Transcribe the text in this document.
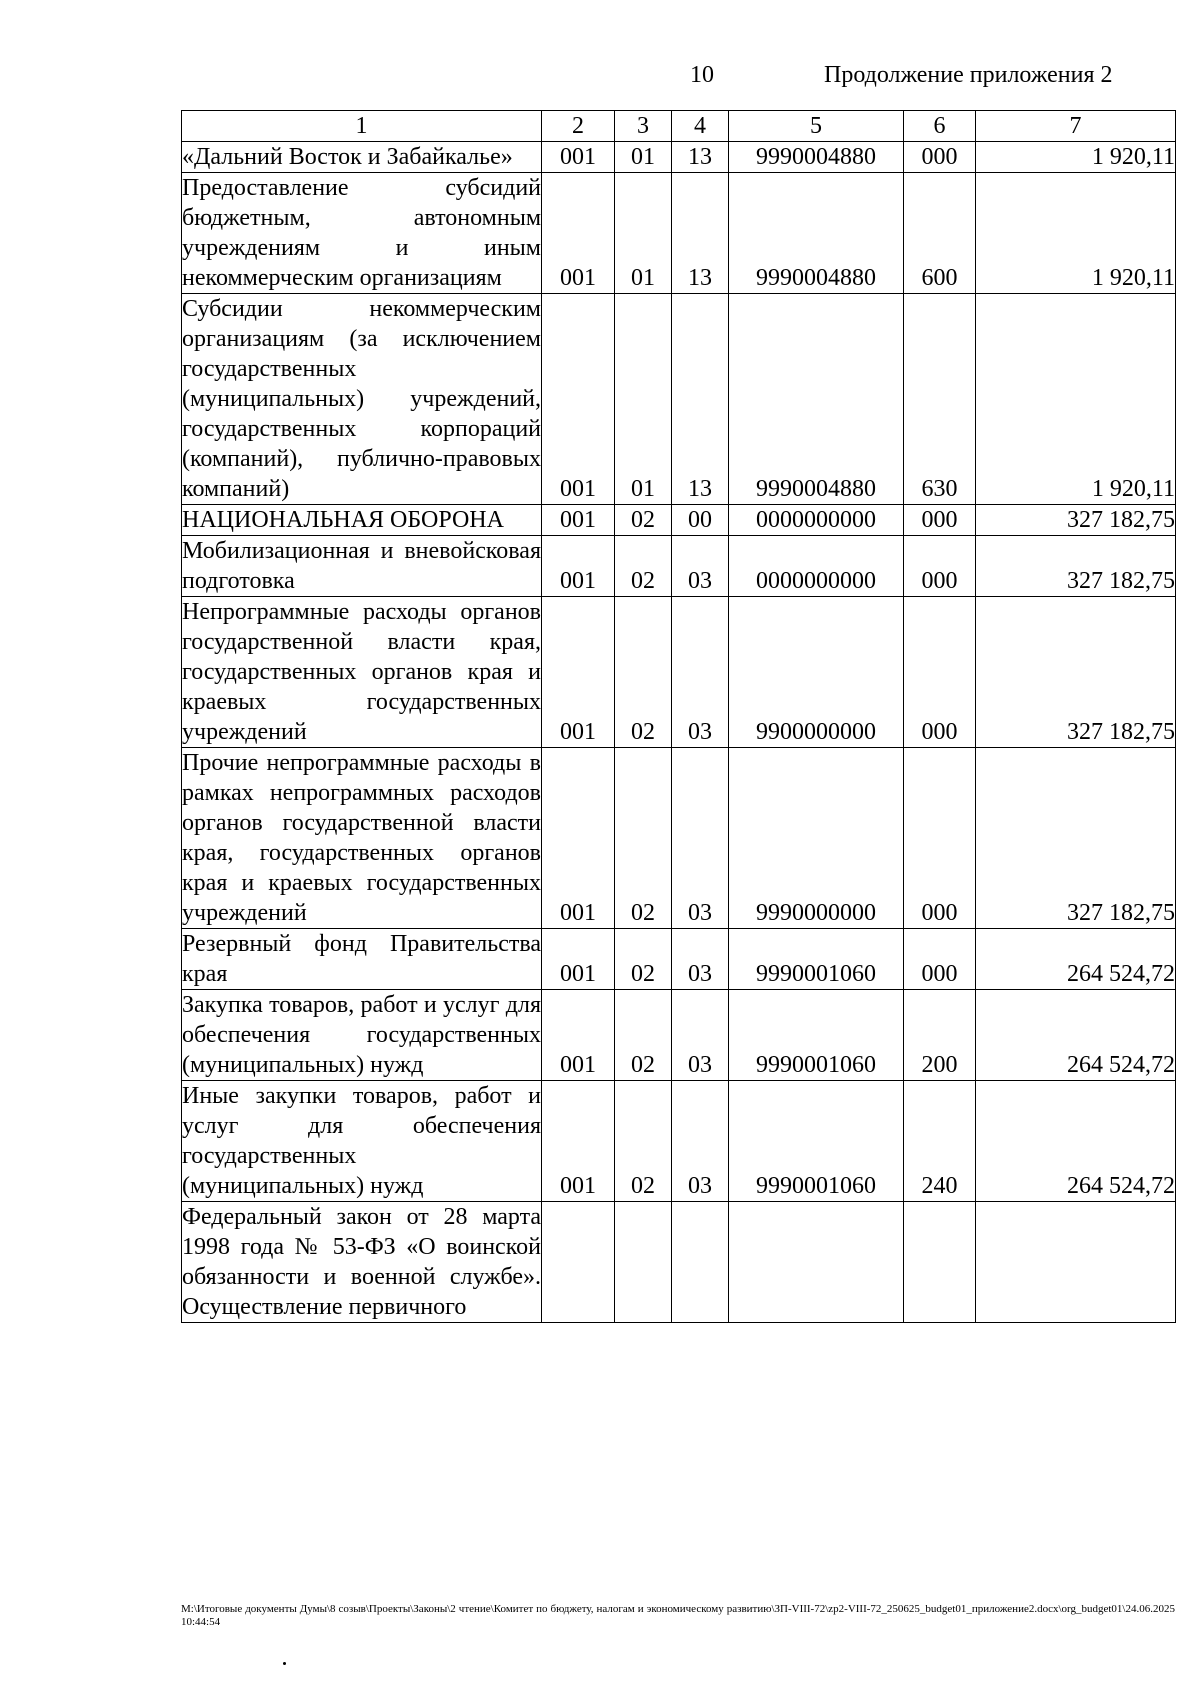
10	Продолжение приложения 2
1	2	3	4	5	6	7
«Дальний Восток и Забайкалье»	001	01	13	9990004880	000	1 920,11
Предоставление субсидий бюджетным, автономным учреждениям и иным некоммерческим организациям	001	01	13	9990004880	600	1 920,11
Субсидии некоммерческим организациям (за исключением государственных (муниципальных) учреждений, государственных корпораций (компаний), публично-правовых компаний)	001	01	13	9990004880	630	1 920,11
НАЦИОНАЛЬНАЯ ОБОРОНА	001	02	00	0000000000	000	327 182,75
Мобилизационная и вневойсковая подготовка	001	02	03	0000000000	000	327 182,75
Непрограммные расходы органов государственной власти края, государственных органов края и краевых государственных учреждений	001	02	03	9900000000	000	327 182,75
Прочие непрограммные расходы в рамках непрограммных расходов органов государственной власти края, государственных органов края и краевых государственных учреждений	001	02	03	9990000000	000	327 182,75
Резервный фонд Правительства края	001	02	03	9990001060	000	264 524,72
Закупка товаров, работ и услуг для обеспечения государственных (муниципальных) нужд	001	02	03	9990001060	200	264 524,72
Иные закупки товаров, работ и услуг для обеспечения государственных (муниципальных) нужд	001	02	03	9990001060	240	264 524,72
Федеральный закон от 28 марта 1998 года № 53-ФЗ «О воинской обязанности и военной службе». Осуществление первичного						
M:\Итоговые документы Думы\8 созыв\Проекты\Законы\2 чтение\Комитет по бюджету, налогам и экономическому развитию\ЗП-VIII-72\zp2-VIII-72_250625_budget01_приложение2.docx\org_budget01\24.06.2025 10:44:54
